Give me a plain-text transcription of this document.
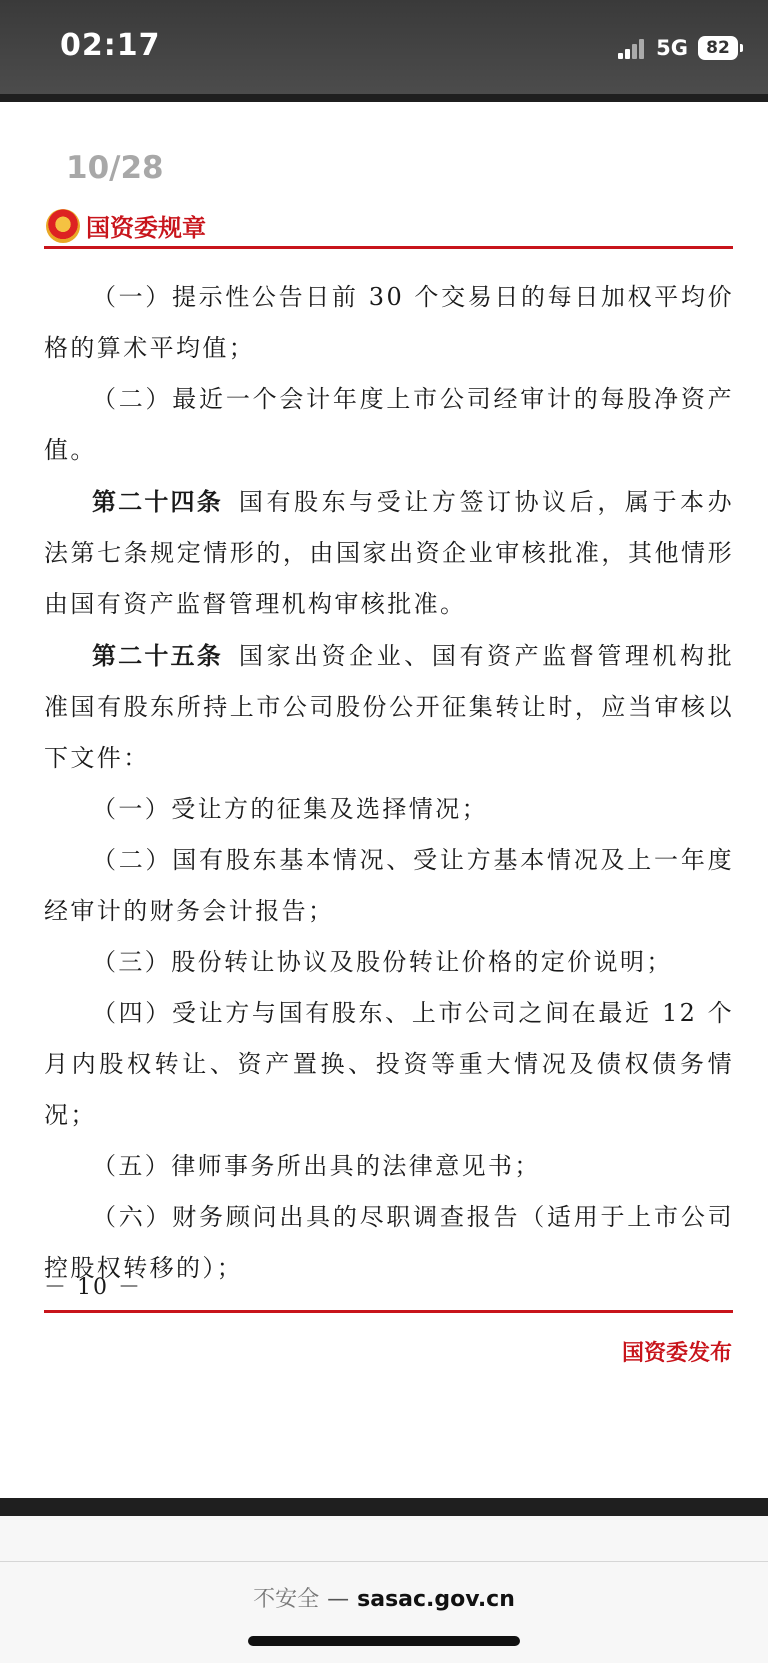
02:17	5G 82
10/28
国资委规章

（一）提示性公告日前 30 个交易日的每日加权平均价格的算术平均值；

（二）最近一个会计年度上市公司经审计的每股净资产值。

第二十四条 国有股东与受让方签订协议后，属于本办法第七条规定情形的，由国家出资企业审核批准，其他情形由国有资产监督管理机构审核批准。

第二十五条 国家出资企业、国有资产监督管理机构批准国有股东所持上市公司股份公开征集转让时，应当审核以下文件：

（一）受让方的征集及选择情况；

（二）国有股东基本情况、受让方基本情况及上一年度经审计的财务会计报告；

（三）股份转让协议及股份转让价格的定价说明；

（四）受让方与国有股东、上市公司之间在最近 12 个月内股权转让、资产置换、投资等重大情况及债权债务情况；

（五）律师事务所出具的法律意见书；

（六）财务顾问出具的尽职调查报告（适用于上市公司控股权转移的）；

－ 10 －
国资委发布
不安全 — sasac.gov.cn
